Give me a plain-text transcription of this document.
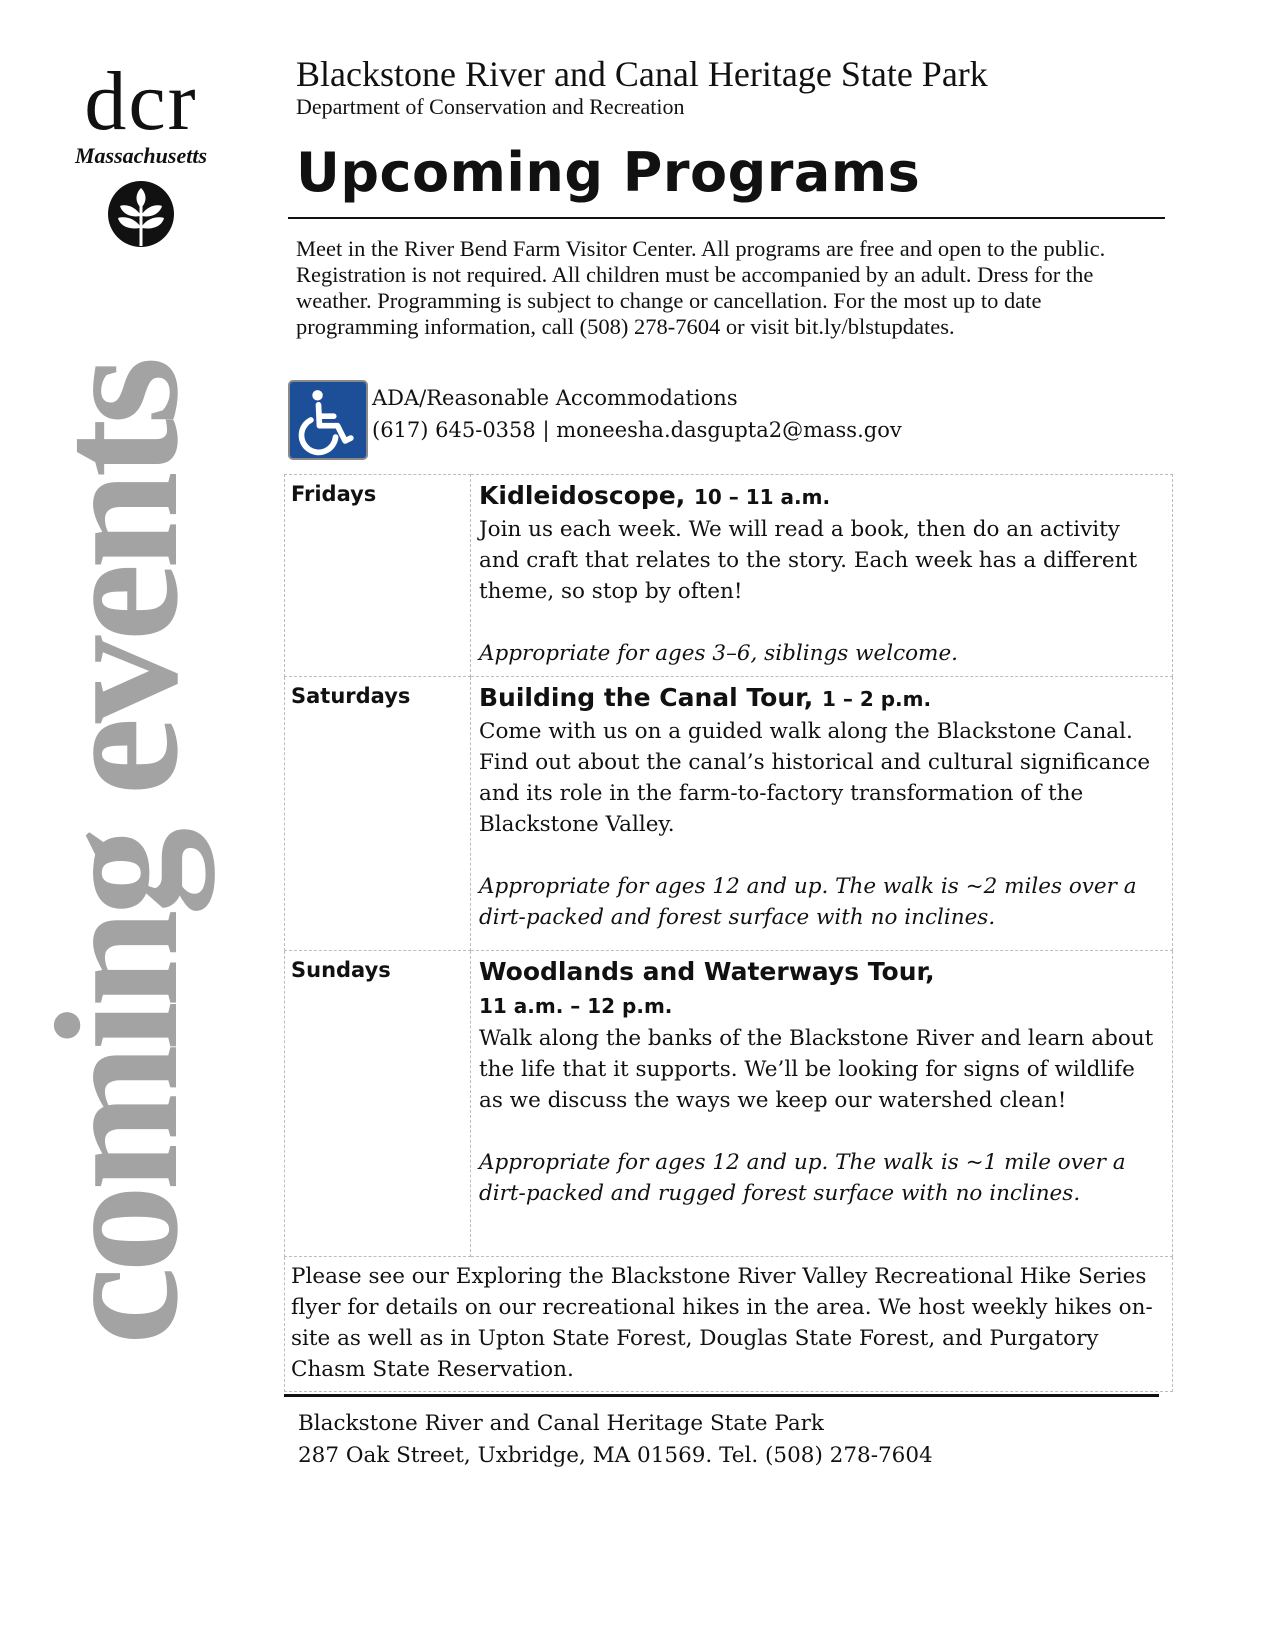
dcr
Massachusetts
coming events
Blackstone River and Canal Heritage State Park
Department of Conservation and Recreation
Upcoming Programs
Meet in the River Bend Farm Visitor Center. All programs are free and open to the public. Registration is not required. All children must be accompanied by an adult. Dress for the weather. Programming is subject to change or cancellation. For the most up to date programming information, call (508) 278-7604 or visit bit.ly/blstupdates.
ADA/Reasonable Accommodations
(617) 645-0358 | moneesha.dasgupta2@mass.gov
Fridays	Kidleidoscope, 10 – 11 a.m.
Join us each week. We will read a book, then do an activity and craft that relates to the story. Each week has a different theme, so stop by often!
Appropriate for ages 3–6, siblings welcome.

Saturdays	Building the Canal Tour, 1 – 2 p.m.
Come with us on a guided walk along the Blackstone Canal. Find out about the canal’s historical and cultural significance and its role in the farm-to-factory transformation of the Blackstone Valley.
Appropriate for ages 12 and up. The walk is ~2 miles over a dirt-packed and forest surface with no inclines.

Sundays	Woodlands and Waterways Tour,
11 a.m. – 12 p.m.
Walk along the banks of the Blackstone River and learn about the life that it supports. We’ll be looking for signs of wildlife as we discuss the ways we keep our watershed clean!
Appropriate for ages 12 and up. The walk is ~1 mile over a dirt-packed and rugged forest surface with no inclines.

Please see our Exploring the Blackstone River Valley Recreational Hike Series flyer for details on our recreational hikes in the area. We host weekly hikes on-site as well as in Upton State Forest, Douglas State Forest, and Purgatory Chasm State Reservation.	
Blackstone River and Canal Heritage State Park
287 Oak Street, Uxbridge, MA 01569. Tel. (508) 278-7604
